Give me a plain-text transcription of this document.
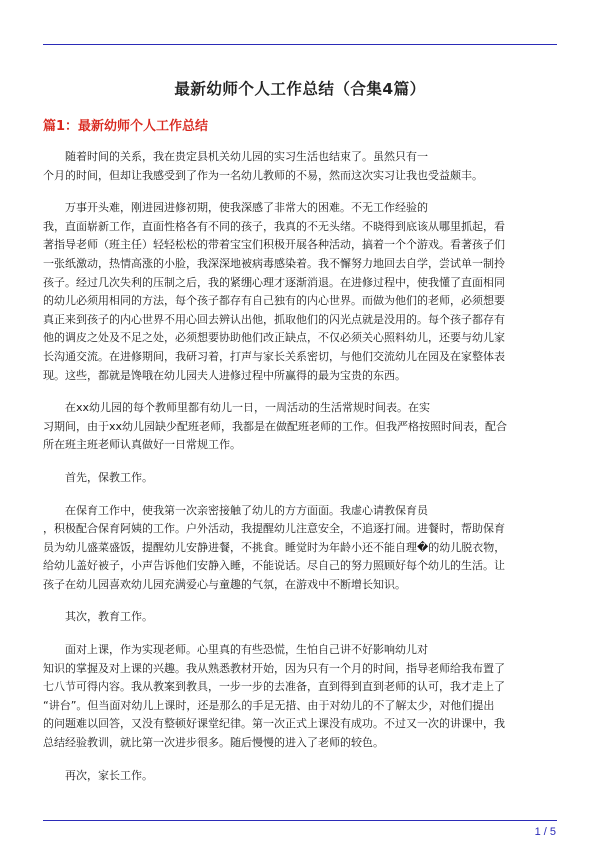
最新幼师个人工作总结（合集4篇）
篇1：最新幼师个人工作总结
随着时间的关系，我在贵定县机关幼儿园的实习生活也结束了。虽然只有一
个月的时间，但却让我感受到了作为一名幼儿教师的不易，然而这次实习让我也受益颇丰。
万事开头难，刚进园进修初期，使我深感了非常大的困难。不无工作经验的
我，直面崭新工作，直面性格各有不同的孩子，我真的不无头绪。不晓得到底该从哪里抓起，看
著指导老师（班主任）轻轻松松的带着宝宝们积极开展各种活动，搞着一个个游戏。看著孩子们
一张纸激动，热情高涨的小脸，我深深地被病毒感染着。我不懈努力地回去自学，尝试单一制拎
孩子。经过几次失利的压制之后，我的紧绷心理才逐渐消退。在进修过程中，使我懂了直面相同
的幼儿必须用相同的方法，每个孩子都存有自己独有的内心世界。而做为他们的老师，必须想要
真正来到孩子的内心世界不用心回去辨认出他，抓取他们的闪光点就是没用的。每个孩子都存有
他的调皮之处及不足之处，必须想要协助他们改正缺点，不仅必须关心照料幼儿，还要与幼儿家
长沟通交流。在进修期间，我研习着，打声与家长关系密切，与他们交流幼儿在园及在家整体表
现。这些，都就是馋哦在幼儿园夫人进修过程中所赢得的最为宝贵的东西。
在xx幼儿园的每个教师里都有幼儿一日，一周活动的生活常规时间表。在实
习期间，由于xx幼儿园缺少配班老师，我都是在做配班老师的工作。但我严格按照时间表，配合
所在班主班老师认真做好一日常规工作。
首先，保教工作。
在保育工作中，使我第一次亲密接触了幼儿的方方面面。我虚心请教保育员
，积极配合保育阿姨的工作。户外活动，我提醒幼儿注意安全，不追逐打闹。进餐时，帮助保育
员为幼儿盛菜盛饭，提醒幼儿安静进餐，不挑食。睡觉时为年龄小还不能自理�的幼儿脱衣物，
给幼儿盖好被子，小声告诉他们安静入睡，不能说话。尽自己的努力照顾好每个幼儿的生活。让
孩子在幼儿园喜欢幼儿园充满爱心与童趣的气氛，在游戏中不断增长知识。
其次，教育工作。
面对上课，作为实现老师。心里真的有些恐慌，生怕自己讲不好影响幼儿对
知识的掌握及对上课的兴趣。我从熟悉教材开始，因为只有一个月的时间，指导老师给我布置了
七八节可得内容。我从教案到教具，一步一步的去准备，直到得到直到老师的认可，我才走上了
“讲台”。但当面对幼儿上课时，还是那么的手足无措、由于对幼儿的不了解太少，对他们提出
的问题难以回答，又没有整顿好课堂纪律。第一次正式上课没有成功。不过又一次的讲课中，我
总结经验教训，就比第一次进步很多。随后慢慢的进入了老师的较色。
再次，家长工作。
1 / 5
